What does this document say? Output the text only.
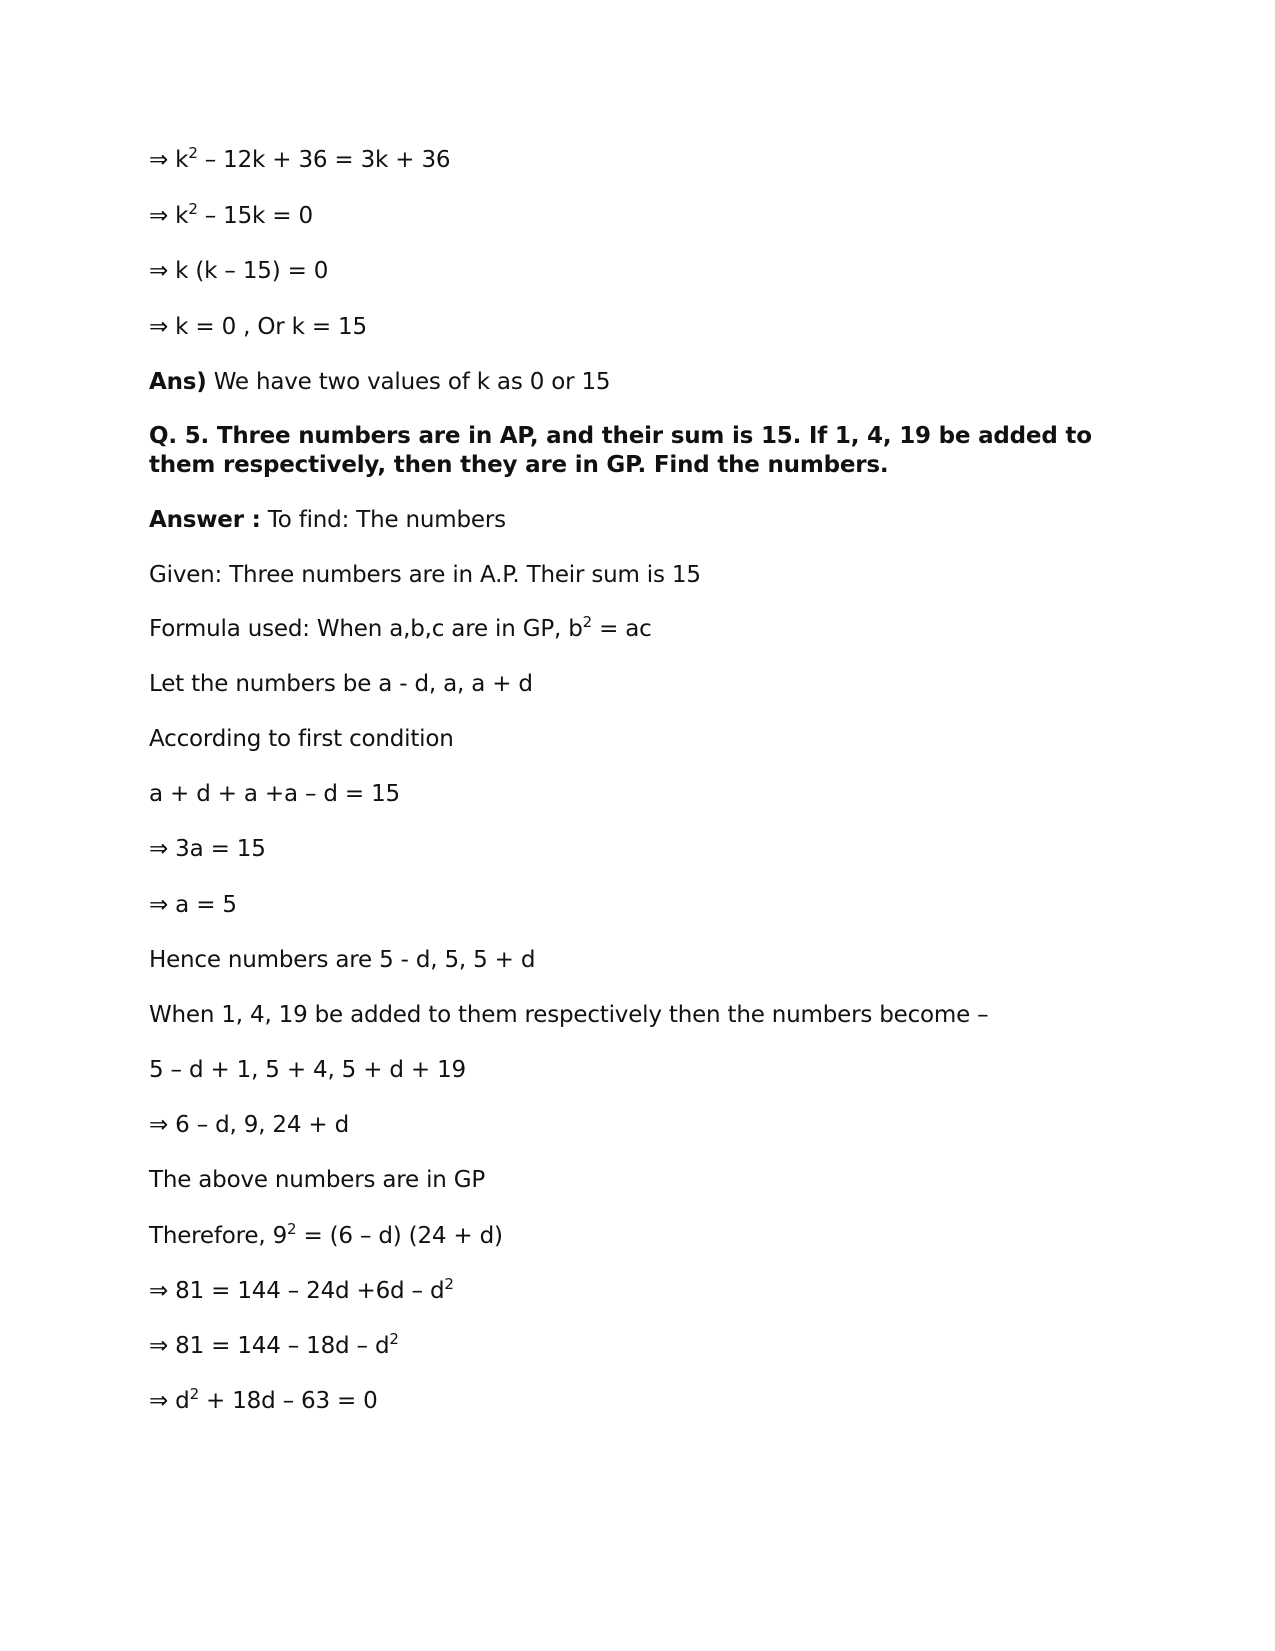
⇒ $k^2 - 12k + 36 = 3k + 36$
⇒ $k^2 - 15k = 0$
⇒ k (k – 15) = 0
⇒ k = 0 , Or k = 15
Ans) We have two values of k as 0 or 15
Q. 5. Three numbers are in AP, and their sum is 15. If 1, 4, 19 be added to them respectively, then they are in GP. Find the numbers.
Answer : To find: The numbers
Given: Three numbers are in A.P. Their sum is 15
Formula used: When a,b,c are in GP, $b^2$ = ac
Let the numbers be a - d, a, a + d
According to first condition
a + d + a +a – d = 15
⇒ 3a = 15
⇒ a = 5
Hence numbers are 5 - d, 5, 5 + d
When 1, 4, 19 be added to them respectively then the numbers become –
5 – d + 1, 5 + 4, 5 + d + 19
⇒ 6 – d, 9, 24 + d
The above numbers are in GP
Therefore, $9^2 = (6 - d) (24 + d)$
⇒ $81 = 144 - 24d +6d - d^2$
⇒ $81 = 144 - 18d - d^2$
⇒ $d^2 + 18d - 63 = 0$
